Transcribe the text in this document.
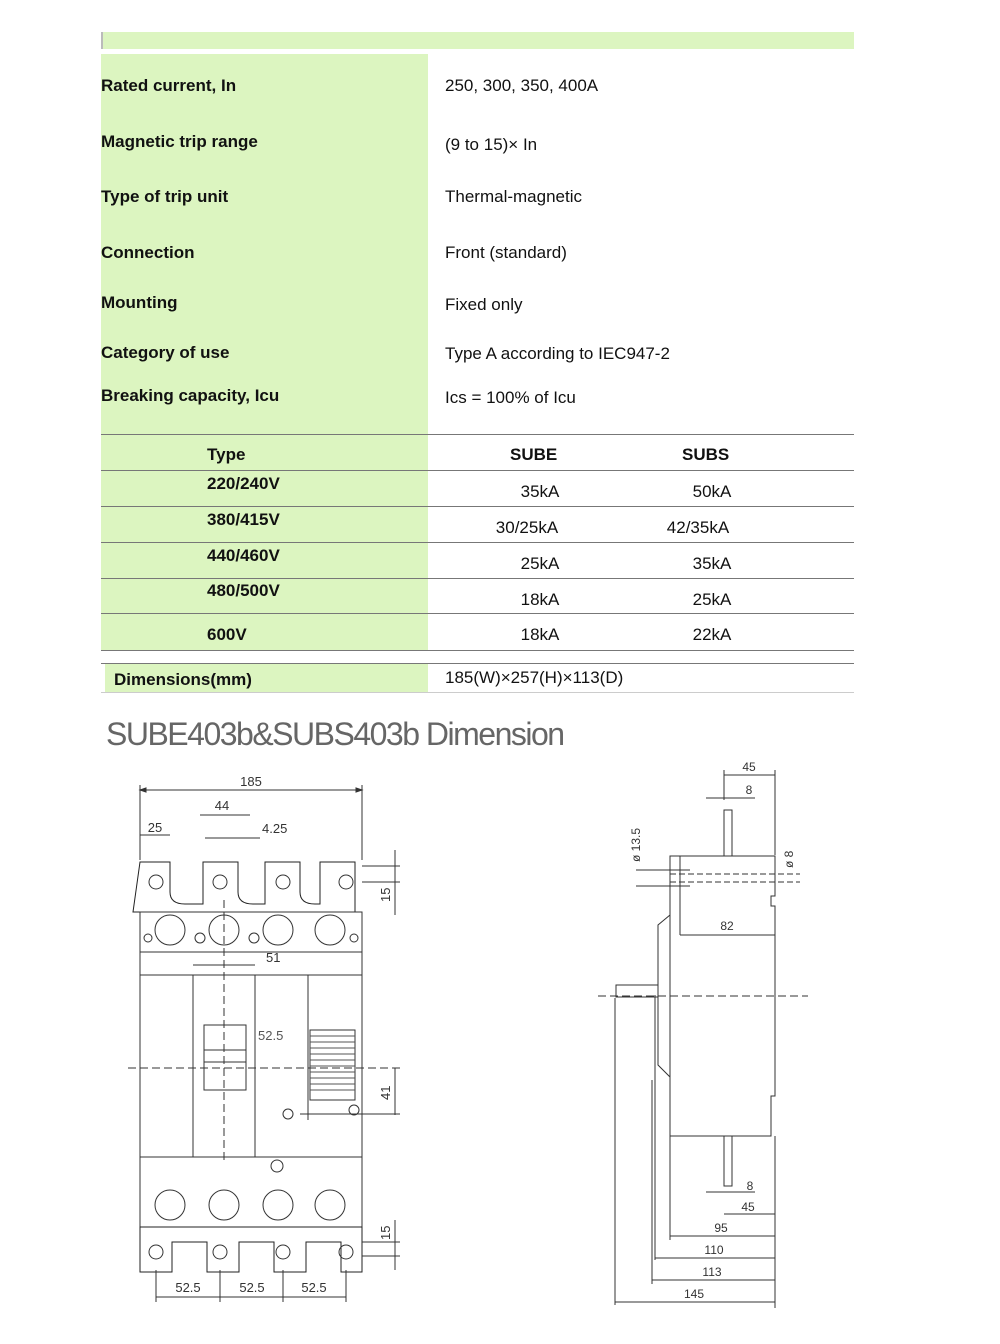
Rated current, In	250, 300, 350, 400A
Magnetic trip range	(9 to 15)× In
Type of trip unit	Thermal-magnetic
Connection	Front (standard)
Mounting	Fixed only
Category of use	Type A according to IEC947-2
Breaking capacity, Icu	Ics = 100% of Icu
Type	SUBE	SUBS
220/240V	35kA	50kA
380/415V	30/25kA	42/35kA
440/460V	25kA	35kA
480/500V	18kA	25kA
600V	18kA	22kA
Dimensions(mm)	185(W)×257(H)×113(D)
SUBE403b&SUBS403b Dimension
185
44
25	4.25
15
51
52.5
41
15
52.5	52.5	52.5
45
8
ø 13.5	ø 8
82
8
45
95
110
113
145
